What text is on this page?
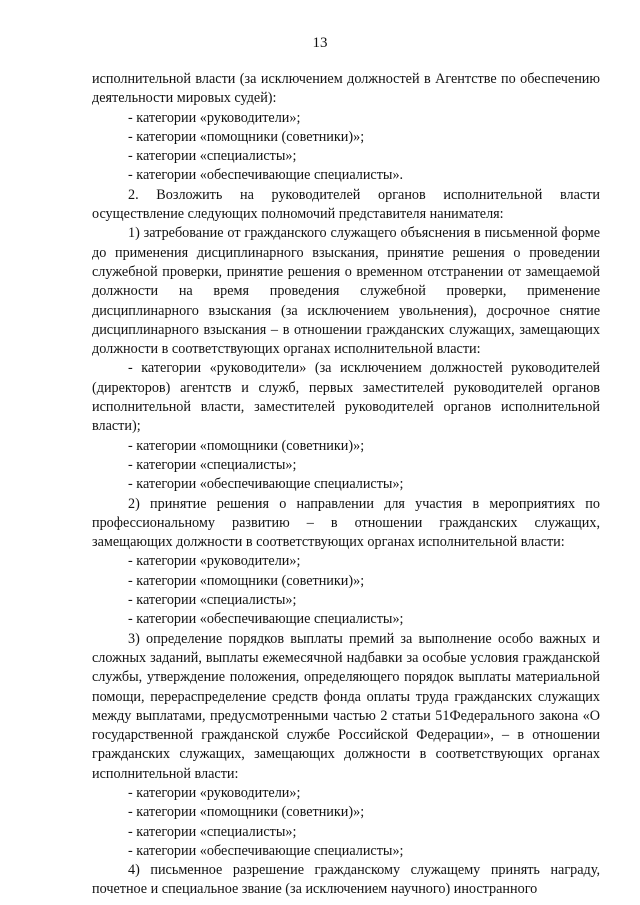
13

исполнительной власти (за исключением должностей в Агентстве по обеспечению деятельности мировых судей):

- категории «руководители»;

- категории «помощники (советники)»;

- категории «специалисты»;

- категории «обеспечивающие специалисты».

2. Возложить на руководителей органов исполнительной власти осуществление следующих полномочий представителя нанимателя:

1) затребование от гражданского служащего объяснения в письменной форме до применения дисциплинарного взыскания, принятие решения о проведении служебной проверки, принятие решения о временном отстранении от замещаемой должности на время проведения служебной проверки, применение дисциплинарного взыскания (за исключением увольнения), досрочное снятие дисциплинарного взыскания – в отношении гражданских служащих, замещающих должности в соответствующих органах исполнительной власти:

- категории «руководители» (за исключением должностей руководителей (директоров) агентств и служб, первых заместителей руководителей органов исполнительной власти, заместителей руководителей органов исполнительной власти);

- категории «помощники (советники)»;

- категории «специалисты»;

- категории «обеспечивающие специалисты»;

2) принятие решения о направлении для участия в мероприятиях по профессиональному развитию – в отношении гражданских служащих, замещающих должности в соответствующих органах исполнительной власти:

- категории «руководители»;

- категории «помощники (советники)»;

- категории «специалисты»;

- категории «обеспечивающие специалисты»;

3) определение порядков выплаты премий за выполнение особо важных и сложных заданий, выплаты ежемесячной надбавки за особые условия гражданской службы, утверждение положения, определяющего порядок выплаты материальной помощи, перераспределение средств фонда оплаты труда гражданских служащих между выплатами, предусмотренными частью 2 статьи 51Федерального закона «О государственной гражданской службе Российской Федерации», – в отношении гражданских служащих, замещающих должности в соответствующих органах исполнительной власти:

- категории «руководители»;

- категории «помощники (советники)»;

- категории «специалисты»;

- категории «обеспечивающие специалисты»;

4) письменное разрешение гражданскому служащему принять награду, почетное и специальное звание (за исключением научного) иностранного
